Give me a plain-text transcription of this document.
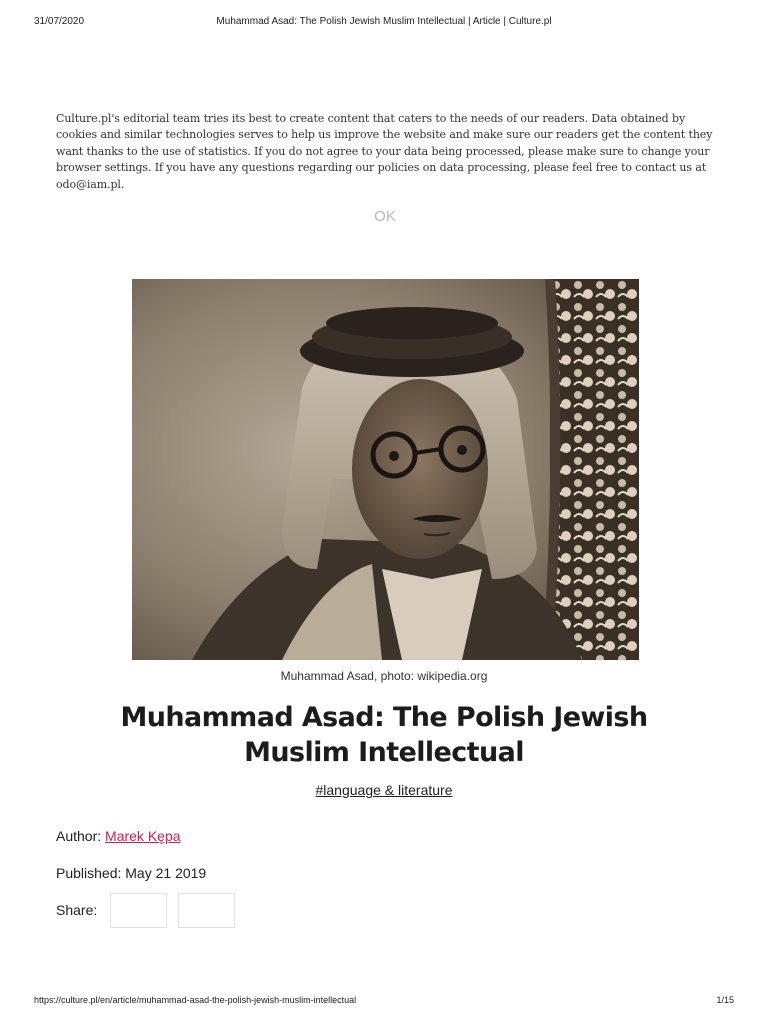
31/07/2020	Muhammad Asad: The Polish Jewish Muslim Intellectual | Article | Culture.pl

Culture.pl's editorial team tries its best to create content that caters to the needs of our readers. Data obtained by cookies and similar technologies serves to help us improve the website and make sure our readers get the content they want thanks to the use of statistics. If you do not agree to your data being processed, please make sure to change your browser settings. If you have any questions regarding our policies on data processing, please feel free to contact us at odo@iam.pl.

OK
Muhammad Asad, photo: wikipedia.org
Muhammad Asad: The Polish Jewish Muslim Intellectual
#language & literature
Author: Marek Kępa
Published: May 21 2019
Share:
https://culture.pl/en/article/muhammad-asad-the-polish-jewish-muslim-intellectual	1/15
